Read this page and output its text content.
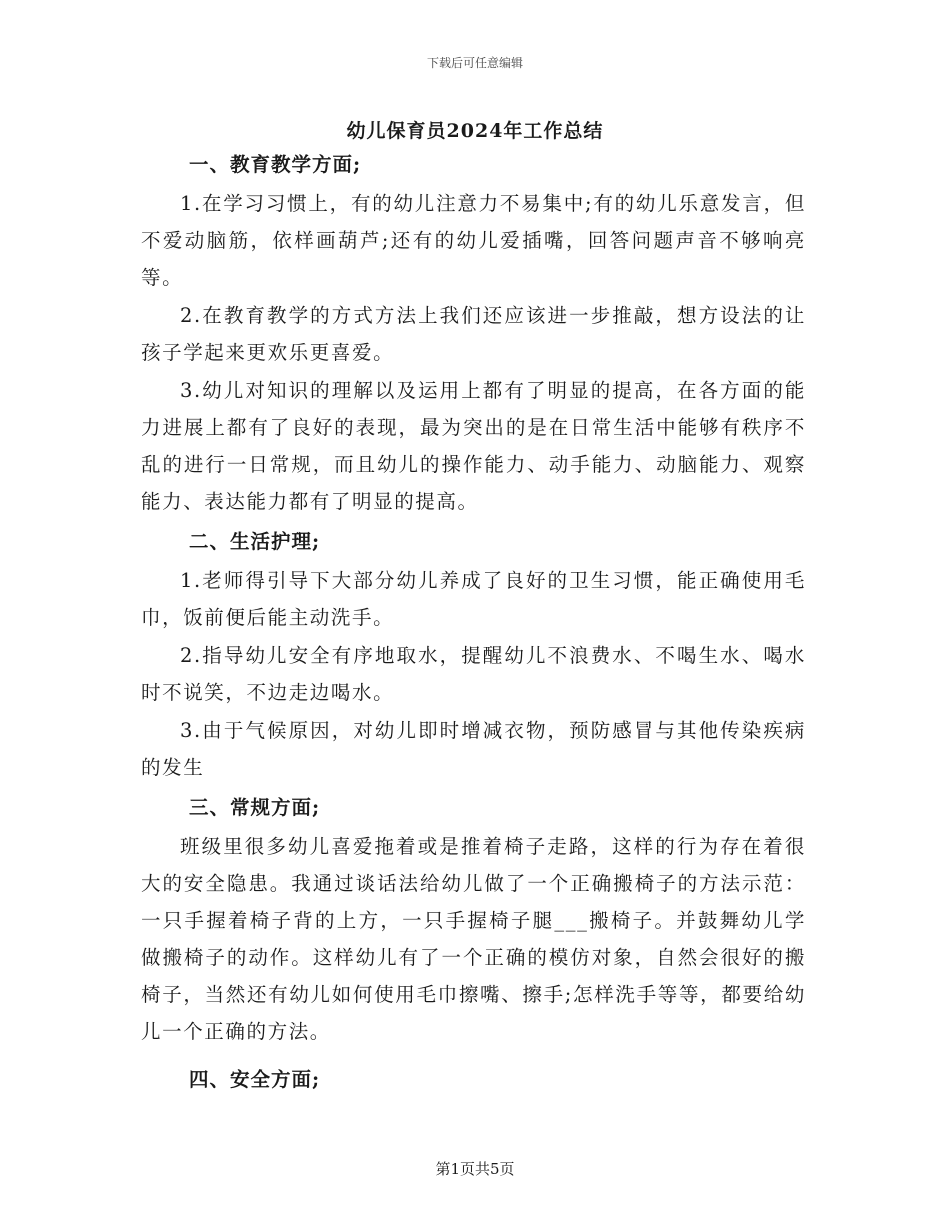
下载后可任意编辑
幼儿保育员2024年工作总结
一、教育教学方面;

1.在学习习惯上，有的幼儿注意力不易集中;有的幼儿乐意发言，但不爱动脑筋，依样画葫芦;还有的幼儿爱插嘴，回答问题声音不够响亮等。

2.在教育教学的方式方法上我们还应该进一步推敲，想方设法的让孩子学起来更欢乐更喜爱。

3.幼儿对知识的理解以及运用上都有了明显的提高，在各方面的能力进展上都有了良好的表现，最为突出的是在日常生活中能够有秩序不乱的进行一日常规，而且幼儿的操作能力、动手能力、动脑能力、观察能力、表达能力都有了明显的提高。

二、生活护理;

1.老师得引导下大部分幼儿养成了良好的卫生习惯，能正确使用毛巾，饭前便后能主动洗手。

2.指导幼儿安全有序地取水，提醒幼儿不浪费水、不喝生水、喝水时不说笑，不边走边喝水。

3.由于气候原因，对幼儿即时增减衣物，预防感冒与其他传染疾病的发生

三、常规方面;

班级里很多幼儿喜爱拖着或是推着椅子走路，这样的行为存在着很大的安全隐患。我通过谈话法给幼儿做了一个正确搬椅子的方法示范：一只手握着椅子背的上方，一只手握椅子腿___搬椅子。并鼓舞幼儿学做搬椅子的动作。这样幼儿有了一个正确的模仿对象，自然会很好的搬椅子，当然还有幼儿如何使用毛巾擦嘴、擦手;怎样洗手等等，都要给幼儿一个正确的方法。

四、安全方面;
第1页共5页
